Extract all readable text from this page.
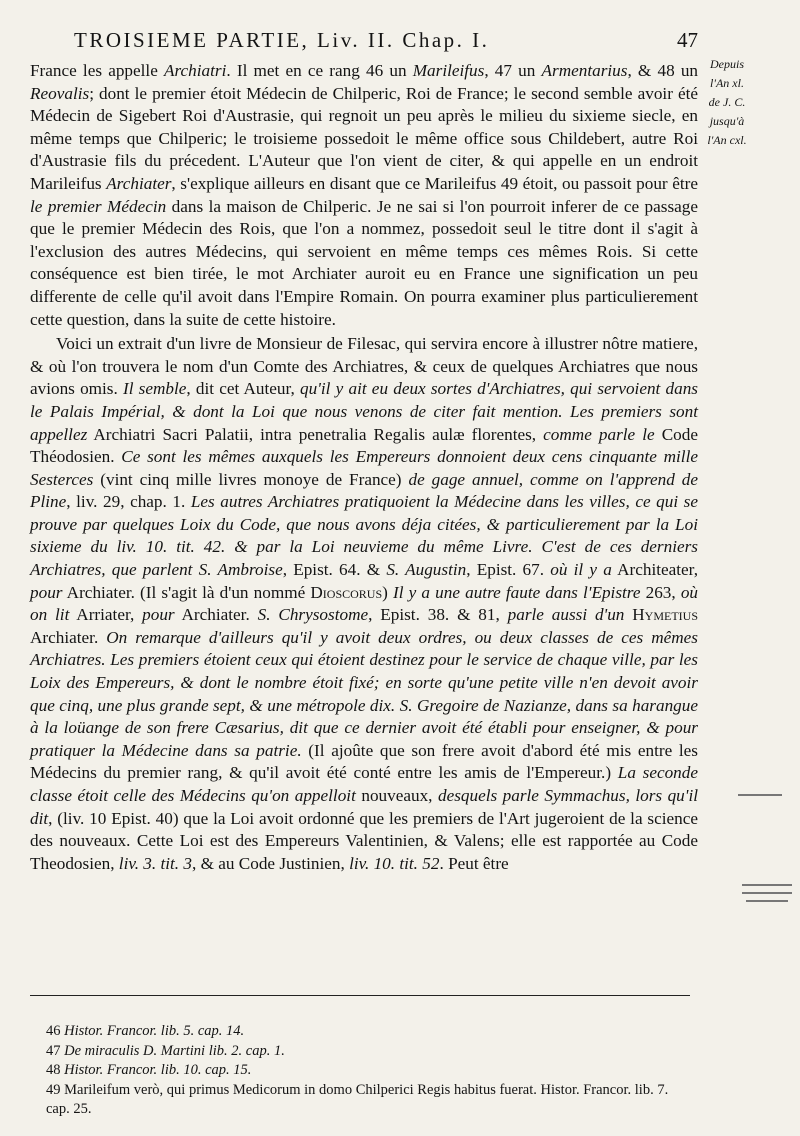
TROISIEME PARTIE, Liv. II. Chap. I.	47
Depuis l'An xl. de J. C. jusqu'à l'An cxl.

France les appelle Archiatri. Il met en ce rang 46 un Marileifus, 47 un Armentarius, & 48 un Reovalis; dont le premier étoit Médecin de Chilperic, Roi de France; le second semble avoir été Médecin de Sigebert Roi d'Austrasie, qui regnoit un peu après le milieu du sixieme siecle, en même temps que Chilperic; le troisieme possedoit le même office sous Childebert, autre Roi d'Austrasie fils du précedent. L'Auteur que l'on vient de citer, & qui appelle en un endroit Marileifus Archiater, s'explique ailleurs en disant que ce Marileifus 49 étoit, ou passoit pour être le premier Médecin dans la maison de Chilperic. Je ne sai si l'on pourroit inferer de ce passage que le premier Médecin des Rois, que l'on a nommez, possedoit seul le titre dont il s'agit à l'exclusion des autres Médecins, qui servoient en même temps ces mêmes Rois. Si cette conséquence est bien tirée, le mot Archiater auroit eu en France une signification un peu differente de celle qu'il avoit dans l'Empire Romain. On pourra examiner plus particulierement cette question, dans la suite de cette histoire.

Voici un extrait d'un livre de Monsieur de Filesac, qui servira encore à illustrer nôtre matiere, & où l'on trouvera le nom d'un Comte des Archiatres, & ceux de quelques Archiatres que nous avions omis. Il semble, dit cet Auteur, qu'il y ait eu deux sortes d'Archiatres, qui servoient dans le Palais Impérial, & dont la Loi que nous venons de citer fait mention. Les premiers sont appellez Archiatri Sacri Palatii, intra penetralia Regalis aulæ florentes, comme parle le Code Théodosien. Ce sont les mêmes auxquels les Empereurs donnoient deux cens cinquante mille Sesterces (vint cinq mille livres monoye de France) de gage annuel, comme on l'apprend de Pline, liv. 29, chap. 1. Les autres Archiatres pratiquoient la Médecine dans les villes, ce qui se prouve par quelques Loix du Code, que nous avons déja citées, & particulierement par la Loi sixieme du liv. 10. tit. 42. & par la Loi neuvieme du même Livre. C'est de ces derniers Archiatres, que parlent S. Ambroise, Epist. 64. & S. Augustin, Epist. 67. où il y a Architeater, pour Archiater. (Il s'agit là d'un nommé Dioscorus) Il y a une autre faute dans l'Epistre 263, où on lit Arriater, pour Archiater. S. Chrysostome, Epist. 38. & 81, parle aussi d'un Hymetius Archiater. On remarque d'ailleurs qu'il y avoit deux ordres, ou deux classes de ces mêmes Archiatres. Les premiers étoient ceux qui étoient destinez pour le service de chaque ville, par les Loix des Empereurs, & dont le nombre étoit fixé; en sorte qu'une petite ville n'en devoit avoir que cinq, une plus grande sept, & une métropole dix. S. Gregoire de Nazianze, dans sa harangue à la loüange de son frere Cæsarius, dit que ce dernier avoit été établi pour enseigner, & pour pratiquer la Médecine dans sa patrie. (Il ajoûte que son frere avoit d'abord été mis entre les Médecins du premier rang, & qu'il avoit été conté entre les amis de l'Empereur.) La seconde classe étoit celle des Médecins qu'on appelloit nouveaux, desquels parle Symmachus, lors qu'il dit, (liv. 10 Epist. 40) que la Loi avoit ordonné que les premiers de l'Art jugeroient de la science des nouveaux. Cette Loi est des Empereurs Valentinien, & Valens; elle est rapportée au Code Theodosien, liv. 3. tit. 3, & au Code Justinien, liv. 10. tit. 52. Peut être

46 Histor. Francor. lib. 5. cap. 14.

47 De miraculis D. Martini lib. 2. cap. 1.

48 Histor. Francor. lib. 10. cap. 15.

49 Marileifum verò, qui primus Medicorum in domo Chilperici Regis habitus fuerat. Histor. Francor. lib. 7. cap. 25.
